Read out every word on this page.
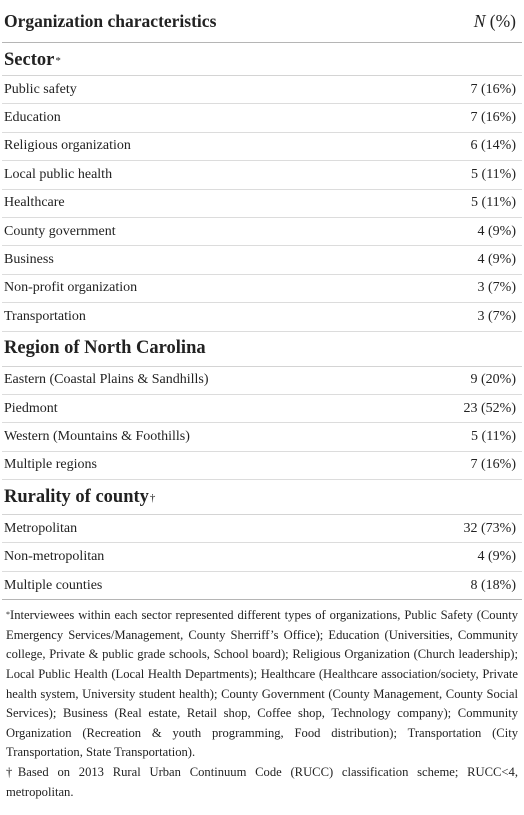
Organization characteristics	N (%)
Sector*
Public safety	7 (16%)
Education	7 (16%)
Religious organization	6 (14%)
Local public health	5 (11%)
Healthcare	5 (11%)
County government	4 (9%)
Business	4 (9%)
Non-profit organization	3 (7%)
Transportation	3 (7%)
Region of North Carolina
Eastern (Coastal Plains & Sandhills)	9 (20%)
Piedmont	23 (52%)
Western (Mountains & Foothills)	5 (11%)
Multiple regions	7 (16%)
Rurality of county†
Metropolitan	32 (73%)
Non-metropolitan	4 (9%)
Multiple counties	8 (18%)

*Interviewees within each sector represented different types of organizations, Public Safety (County Emergency Services/Management, County Sherriff’s Office); Education (Universities, Community college, Private & public grade schools, School board); Religious Organization (Church leadership); Local Public Health (Local Health Departments); Healthcare (Healthcare association/society, Private health system, University student health); County Government (County Management, County Social Services); Business (Real estate, Retail shop, Coffee shop, Technology company); Community Organization (Recreation & youth programming, Food distribution); Transportation (City Transportation, State Transportation).

†Based on 2013 Rural Urban Continuum Code (RUCC) classification scheme; RUCC<4, metropolitan.
